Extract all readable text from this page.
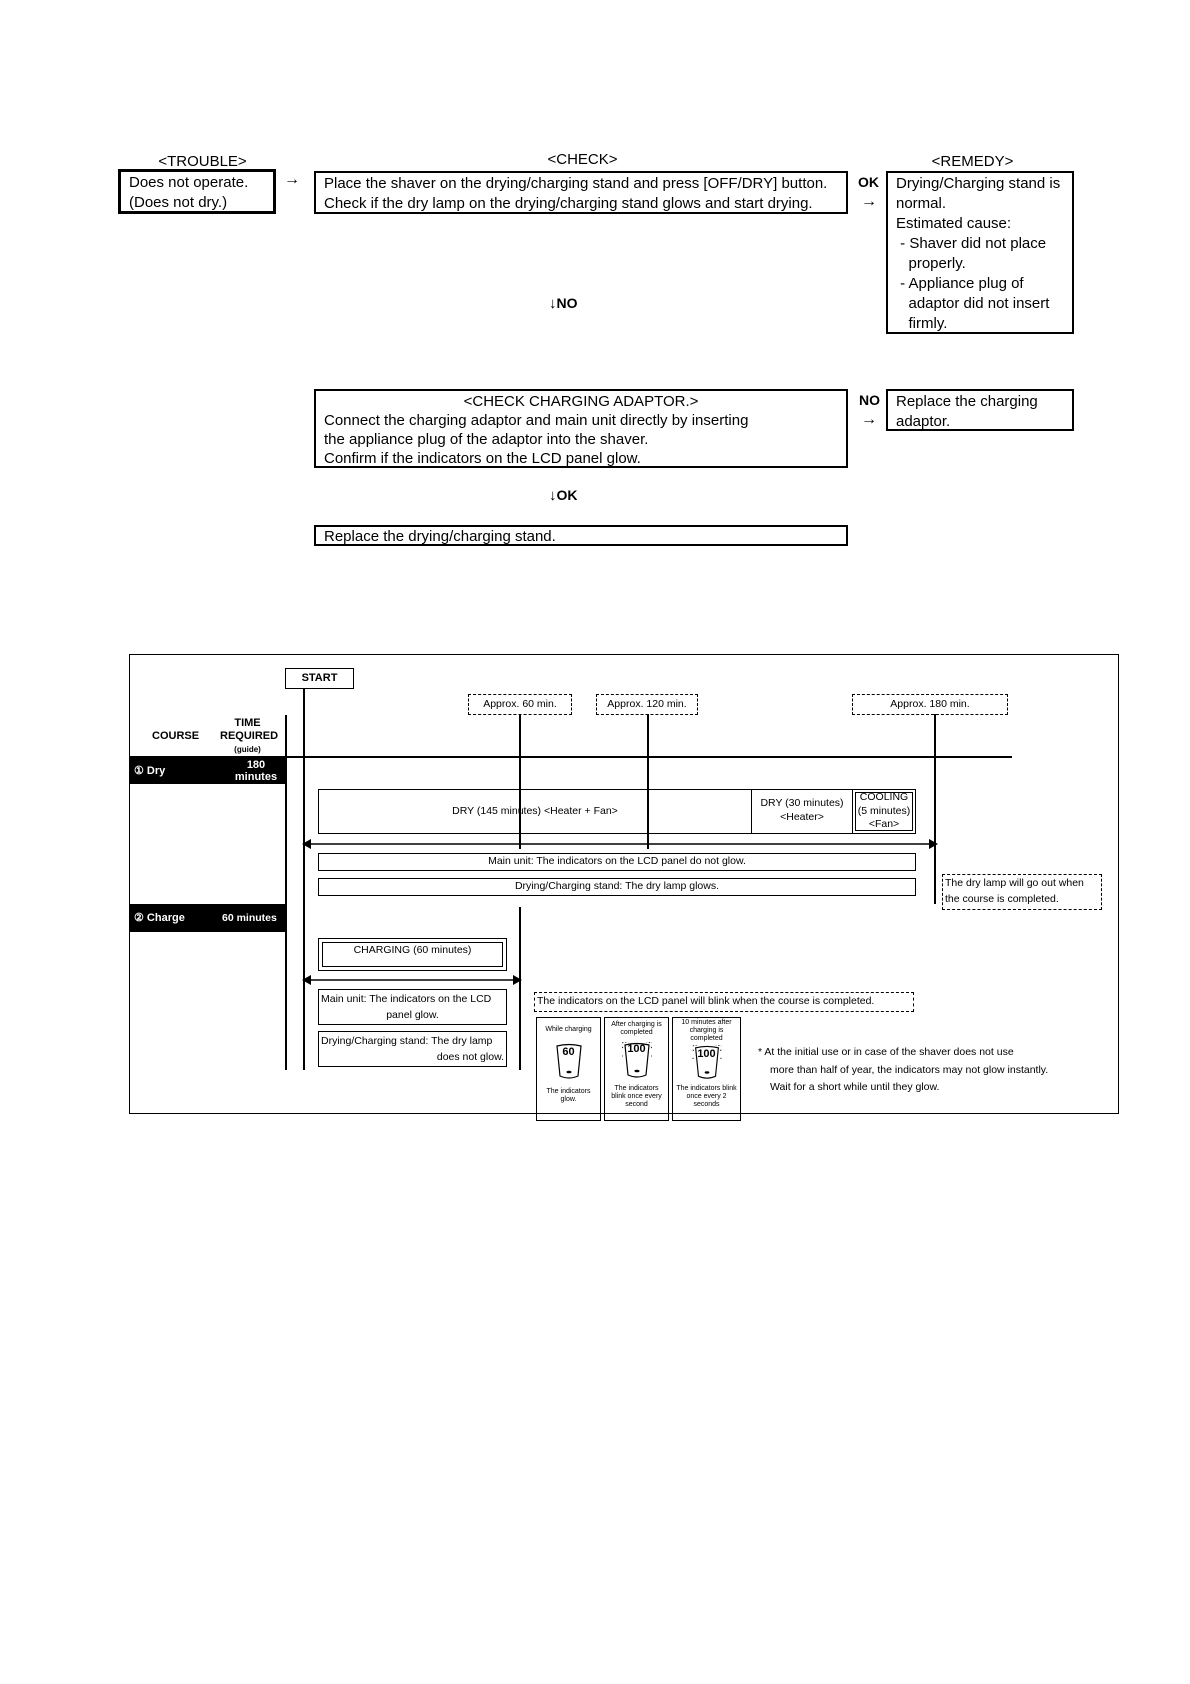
<TROUBLE>	<CHECK>	<REMEDY>
Does not operate.
(Does not dry.)
→ Place the shaver on the drying/charging stand and press [OFF/DRY] button.
Check if the dry lamp on the drying/charging stand glows and start drying.
OK
→
Drying/Charging stand is
normal.
Estimated cause:
- Shaver did not place
properly.
- Appliance plug of
adaptor did not insert
firmly.
↓NO
<CHECK CHARGING ADAPTOR.>
Connect the charging adaptor and main unit directly by inserting
the appliance plug of the adaptor into the shaver.
Confirm if the indicators on the LCD panel glow.
NO
→
Replace the charging
adaptor.
↓OK
Replace the drying/charging stand.
START
Approx. 60 min.	Approx. 120 min.	Approx. 180 min.
COURSE
TIME
REQUIRED
(guide)
① Dry	180
minutes
DRY (145 minutes) <Heater + Fan>
DRY (30 minutes)
<Heater>
COOLING
(5 minutes)
<Fan>
Main unit: The indicators on the LCD panel do not glow.
Drying/Charging stand: The dry lamp glows.	The dry lamp will go out when
the course is completed.
② Charge	60 minutes
CHARGING (60 minutes)
Main unit: The indicators on the LCD
panel glow.
Drying/Charging stand: The dry lamp
does not glow.
The indicators on the LCD panel will blink when the course is completed.
While charging
60
The indicators
glow.
After charging is
completed
100
The indicators
blink once every
second
10 minutes after
charging is
completed
100
The indicators blink
once every 2
seconds
* At the initial use or in case of the shaver does not use
more than half of year, the indicators may not glow instantly.
Wait for a short while until they glow.
